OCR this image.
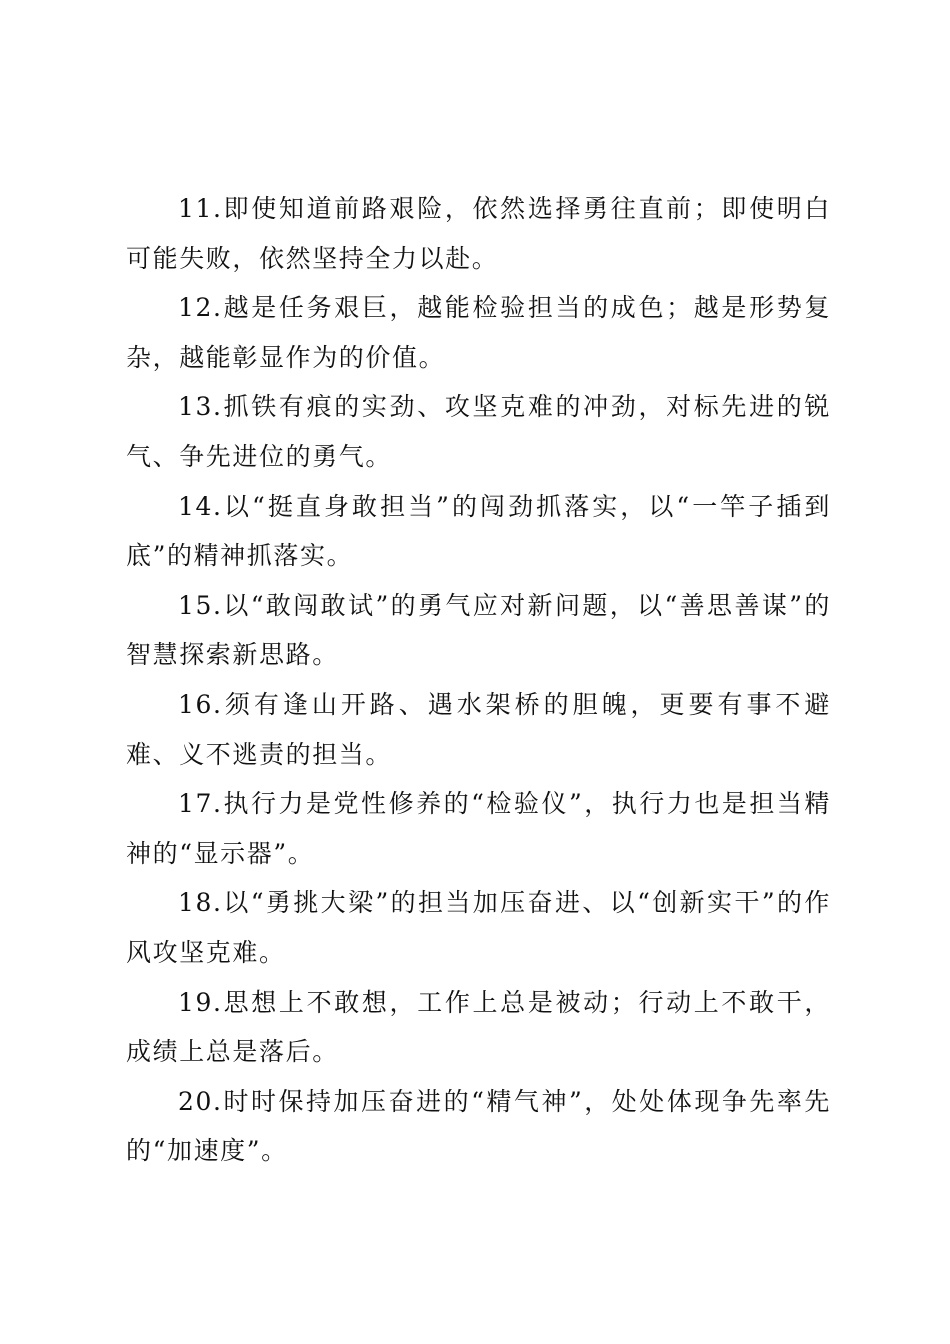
11.即使知道前路艰险，依然选择勇往直前；即使明白可能失败，依然坚持全力以赴。

12.越是任务艰巨，越能检验担当的成色；越是形势复杂，越能彰显作为的价值。

13.抓铁有痕的实劲、攻坚克难的冲劲，对标先进的锐气、争先进位的勇气。

14.以“挺直身敢担当”的闯劲抓落实，以“一竿子插到底”的精神抓落实。

15.以“敢闯敢试”的勇气应对新问题，以“善思善谋”的智慧探索新思路。

16.须有逢山开路、遇水架桥的胆魄，更要有事不避难、义不逃责的担当。

17.执行力是党性修养的“检验仪”，执行力也是担当精神的“显示器”。

18.以“勇挑大梁”的担当加压奋进、以“创新实干”的作风攻坚克难。

19.思想上不敢想，工作上总是被动；行动上不敢干，成绩上总是落后。

20.时时保持加压奋进的“精气神”，处处体现争先率先的“加速度”。
